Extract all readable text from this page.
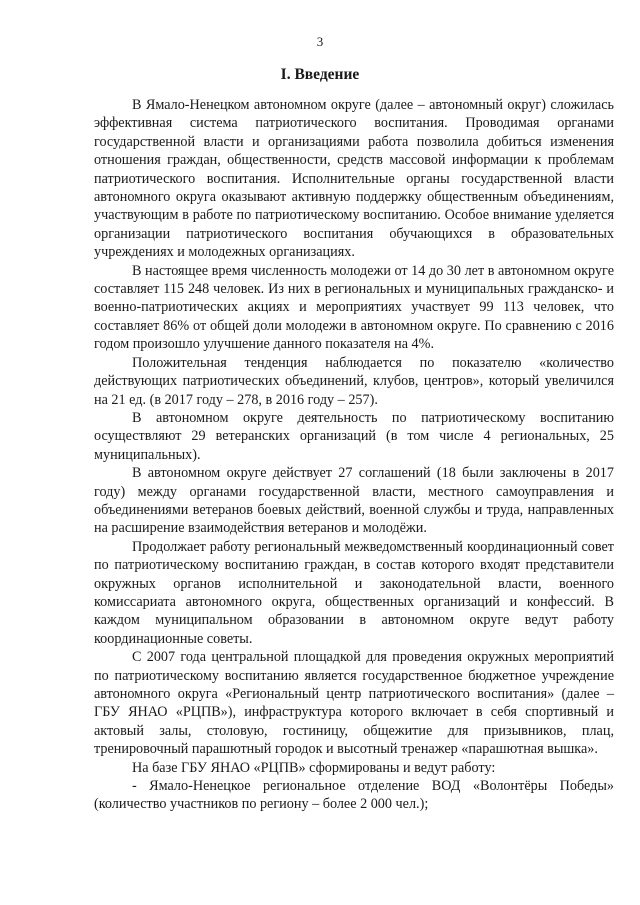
3
I. Введение

В Ямало-Ненецком автономном округе (далее – автономный округ) сложилась эффективная система патриотического воспитания. Проводимая органами государственной власти и организациями работа позволила добиться изменения отношения граждан, общественности, средств массовой информации к проблемам патриотического воспитания. Исполнительные органы государственной власти автономного округа оказывают активную поддержку общественным объединениям, участвующим в работе по патриотическому воспитанию. Особое внимание уделяется организации патриотического воспитания обучающихся в образовательных учреждениях и молодежных организациях.

В настоящее время численность молодежи от 14 до 30 лет в автономном округе составляет 115 248 человек. Из них в региональных и муниципальных гражданско- и военно-патриотических акциях и мероприятиях участвует 99 113 человек, что составляет 86% от общей доли молодежи в автономном округе. По сравнению с 2016 годом произошло улучшение данного показателя на 4%.

Положительная тенденция наблюдается по показателю «количество действующих патриотических объединений, клубов, центров», который увеличился на 21 ед. (в 2017 году – 278, в 2016 году – 257).

В автономном округе деятельность по патриотическому воспитанию осуществляют 29 ветеранских организаций (в том числе 4 региональных, 25 муниципальных).

В автономном округе действует 27 соглашений (18 были заключены в 2017 году) между органами государственной власти, местного самоуправления и объединениями ветеранов боевых действий, военной службы и труда, направленных на расширение взаимодействия ветеранов и молодёжи.

Продолжает работу региональный межведомственный координационный совет по патриотическому воспитанию граждан, в состав которого входят представители окружных органов исполнительной и законодательной власти, военного комиссариата автономного округа, общественных организаций и конфессий. В каждом муниципальном образовании в автономном округе ведут работу координационные советы.

С 2007 года центральной площадкой для проведения окружных мероприятий по патриотическому воспитанию является государственное бюджетное учреждение автономного округа «Региональный центр патриотического воспитания» (далее – ГБУ ЯНАО «РЦПВ»), инфраструктура которого включает в себя спортивный и актовый залы, столовую, гостиницу, общежитие для призывников, плац, тренировочный парашютный городок и высотный тренажер «парашютная вышка».

На базе ГБУ ЯНАО «РЦПВ» сформированы и ведут работу:

- Ямало-Ненецкое региональное отделение ВОД «Волонтёры Победы» (количество участников по региону – более 2 000 чел.);
